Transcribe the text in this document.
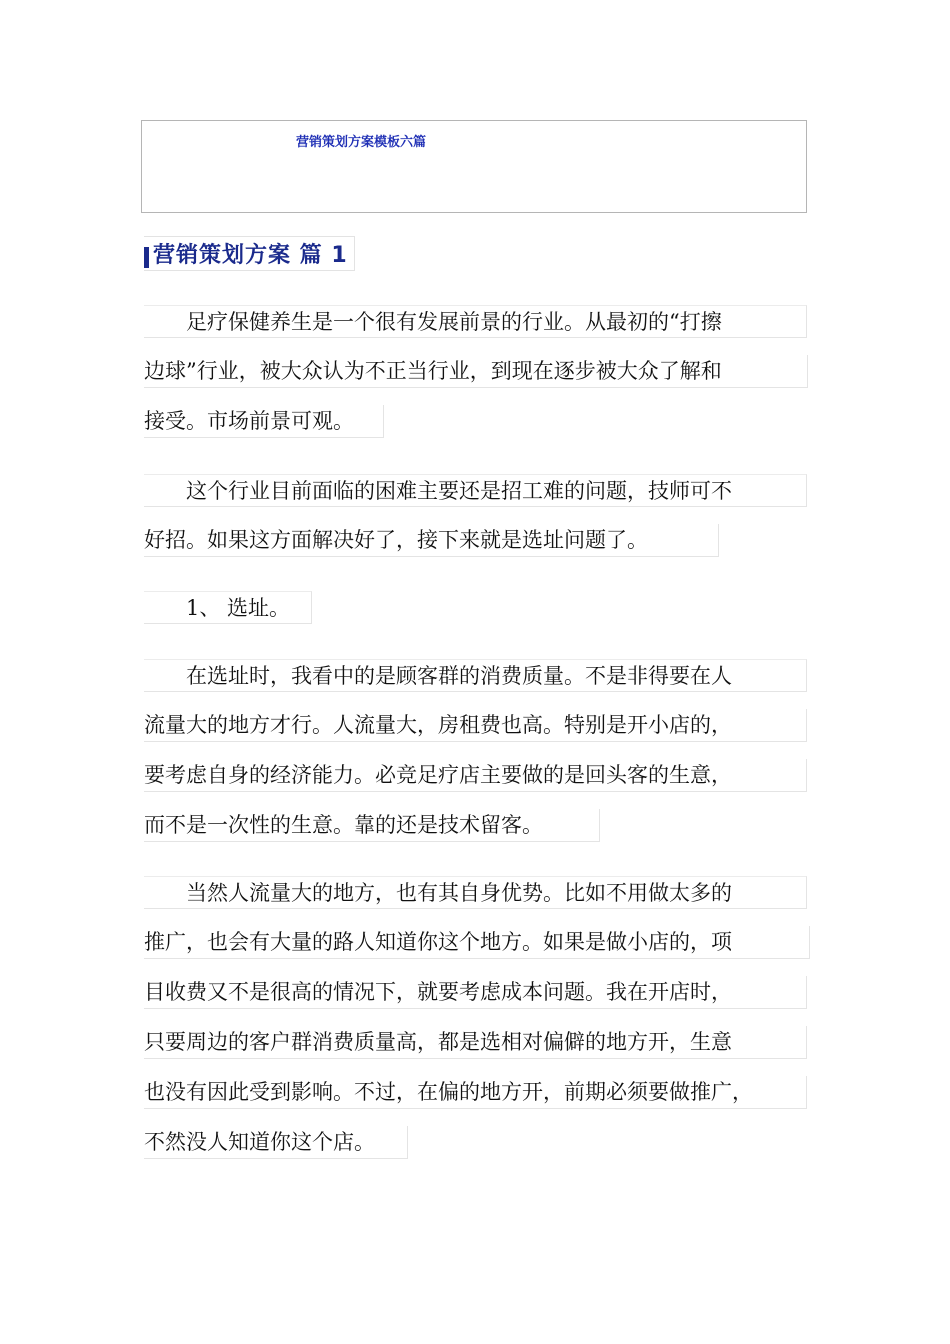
营销策划方案模板六篇
营销策划方案 篇 1
　　足疗保健养生是一个很有发展前景的行业。从最初的“打擦
边球”行业，被大众认为不正当行业，到现在逐步被大众了解和
接受。市场前景可观。
　　这个行业目前面临的困难主要还是招工难的问题，技师可不
好招。如果这方面解决好了，接下来就是选址问题了。
　　1、 选址。
　　在选址时，我看中的是顾客群的消费质量。不是非得要在人
流量大的地方才行。人流量大，房租费也高。特别是开小店的，
要考虑自身的经济能力。必竞足疗店主要做的是回头客的生意，
而不是一次性的生意。靠的还是技术留客。
　　当然人流量大的地方，也有其自身优势。比如不用做太多的
推广，也会有大量的路人知道你这个地方。如果是做小店的，项
目收费又不是很高的情况下，就要考虑成本问题。我在开店时，
只要周边的客户群消费质量高，都是选相对偏僻的地方开，生意
也没有因此受到影响。不过，在偏的地方开，前期必须要做推广，
不然没人知道你这个店。
